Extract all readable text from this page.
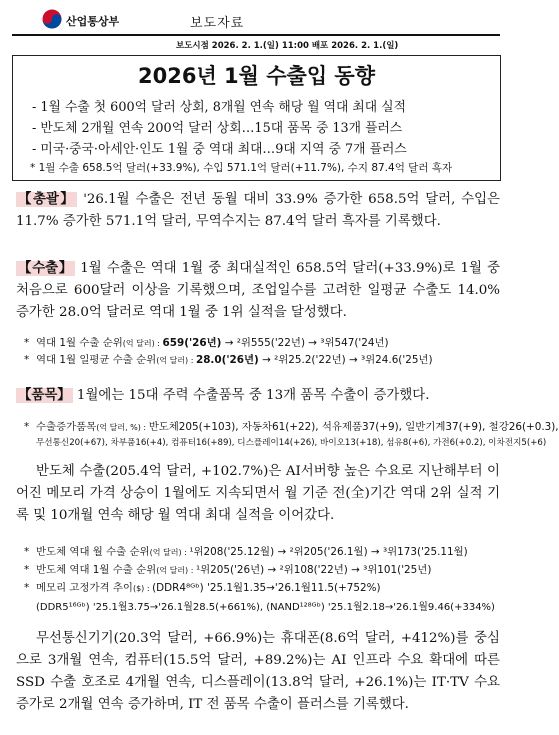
산업통상부	보도자료
보도시점 2026. 2. 1.(일) 11:00 배포 2026. 2. 1.(일)
2026년 1월 수출입 동향
- 1월 수출 첫 600억 달러 상회, 8개월 연속 해당 월 역대 최대 실적
- 반도체 2개월 연속 200억 달러 상회…15대 품목 중 13개 플러스
- 미국·중국·아세안·인도 1월 중 역대 최대…9대 지역 중 7개 플러스
* 1월 수출 658.5억 달러(+33.9%), 수입 571.1억 달러(+11.7%), 수지 87.4억 달러 흑자
【총괄】 '26.1월 수출은 전년 동월 대비 33.9% 증가한 658.5억 달러, 수입은 11.7% 증가한 571.1억 달러, 무역수지는 87.4억 달러 흑자를 기록했다.
【수출】 1월 수출은 역대 1월 중 최대실적인 658.5억 달러(+33.9%)로 1월 중 처음으로 600달러 이상을 기록했으며, 조업일수를 고려한 일평균 수출도 14.0% 증가한 28.0억 달러로 역대 1월 중 1위 실적을 달성했다.
* 역대 1월 수출 순위(억 달러) : 659('26년) → ²위555('22년) → ³위547('24년)
* 역대 1월 일평균 수출 순위(억 달러) : 28.0('26년) → ²위25.2('22년) → ³위24.6('25년)
【품목】 1월에는 15대 주력 수출품목 중 13개 품목 수출이 증가했다.
* 수출증가품목(억 달러, %) : 반도체205(+103), 자동차61(+22), 석유제품37(+9), 일반기계37(+9), 철강26(+0.3),
무선통신20(+67), 차부품16(+4), 컴퓨터16(+89), 디스플레이14(+26), 바이오13(+18), 섬유8(+6), 가전6(+0.2), 이차전지5(+6)
반도체 수출(205.4억 달러, +102.7%)은 AI서버향 높은 수요로 지난해부터 이어진 메모리 가격 상승이 1월에도 지속되면서 월 기준 전(全)기간 역대 2위 실적 기록 및 10개월 연속 해당 월 역대 최대 실적을 이어갔다.
* 반도체 역대 월 수출 순위(억 달러) : ¹위208('25.12월) → ²위205('26.1월) → ³위173('25.11월)
* 반도체 역대 1월 수출 순위(억 달러) : ¹위205('26년) → ²위108('22년) → ³위101('25년)
* 메모리 고정가격 추이($) : (DDR4⁸ᴳᵇ) '25.1월1.35→'26.1월11.5(+752%)
(DDR5¹⁶ᴳᵇ) '25.1월3.75→'26.1월28.5(+661%), (NAND¹²⁸ᴳᵇ) '25.1월2.18→'26.1월9.46(+334%)
무선통신기기(20.3억 달러, +66.9%)는 휴대폰(8.6억 달러, +412%)를 중심으로 3개월 연속, 컴퓨터(15.5억 달러, +89.2%)는 AI 인프라 수요 확대에 따른 SSD 수출 호조로 4개월 연속, 디스플레이(13.8억 달러, +26.1%)는 IT·TV 수요 증가로 2개월 연속 증가하며, IT 전 품목 수출이 플러스를 기록했다.
